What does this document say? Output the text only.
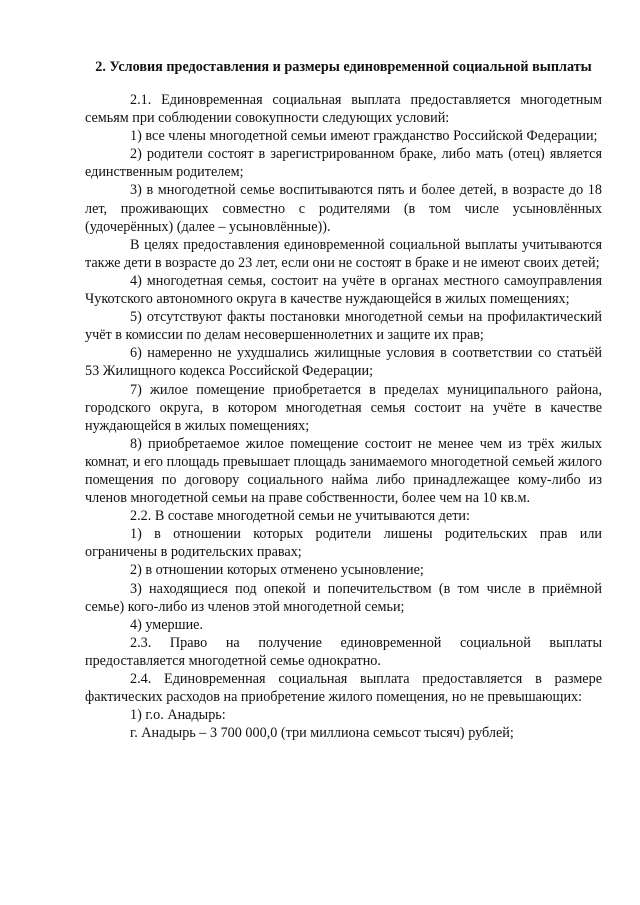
2. Условия предоставления и размеры единовременной социальной выплаты

2.1. Единовременная социальная выплата предоставляется многодетным семьям при соблюдении совокупности следующих условий:

1) все члены многодетной семьи имеют гражданство Российской Федерации;

2) родители состоят в зарегистрированном браке, либо мать (отец) является единственным родителем;

3) в многодетной семье воспитываются пять и более детей, в возрасте до 18 лет, проживающих совместно с родителями (в том числе усыновлённых (удочерённых) (далее – усыновлённые)).

В целях предоставления единовременной социальной выплаты учитываются также дети в возрасте до 23 лет, если они не состоят в браке и не имеют своих детей;

4) многодетная семья, состоит на учёте в органах местного самоуправления Чукотского автономного округа в качестве нуждающейся в жилых помещениях;

5) отсутствуют факты постановки многодетной семьи на профилактический учёт в комиссии по делам несовершеннолетних и защите их прав;

6) намеренно не ухудшались жилищные условия в соответствии со статьёй 53 Жилищного кодекса Российской Федерации;

7) жилое помещение приобретается в пределах муниципального района, городского округа, в котором многодетная семья состоит на учёте в качестве нуждающейся в жилых помещениях;

8) приобретаемое жилое помещение состоит не менее чем из трёх жилых комнат, и его площадь превышает площадь занимаемого многодетной семьей жилого помещения по договору социального найма либо принадлежащее кому-либо из членов многодетной семьи на праве собственности, более чем на 10 кв.м.

2.2. В составе многодетной семьи не учитываются дети:

1) в отношении которых родители лишены родительских прав или ограничены в родительских правах;

2) в отношении которых отменено усыновление;

3) находящиеся под опекой и попечительством (в том числе в приёмной семье) кого-либо из членов этой многодетной семьи;

4) умершие.

2.3. Право на получение единовременной социальной выплаты предоставляется многодетной семье однократно.

2.4. Единовременная социальная выплата предоставляется в размере фактических расходов на приобретение жилого помещения, но не превышающих:

1) г.о. Анадырь:

г. Анадырь – 3 700 000,0 (три миллиона семьсот тысяч) рублей;
